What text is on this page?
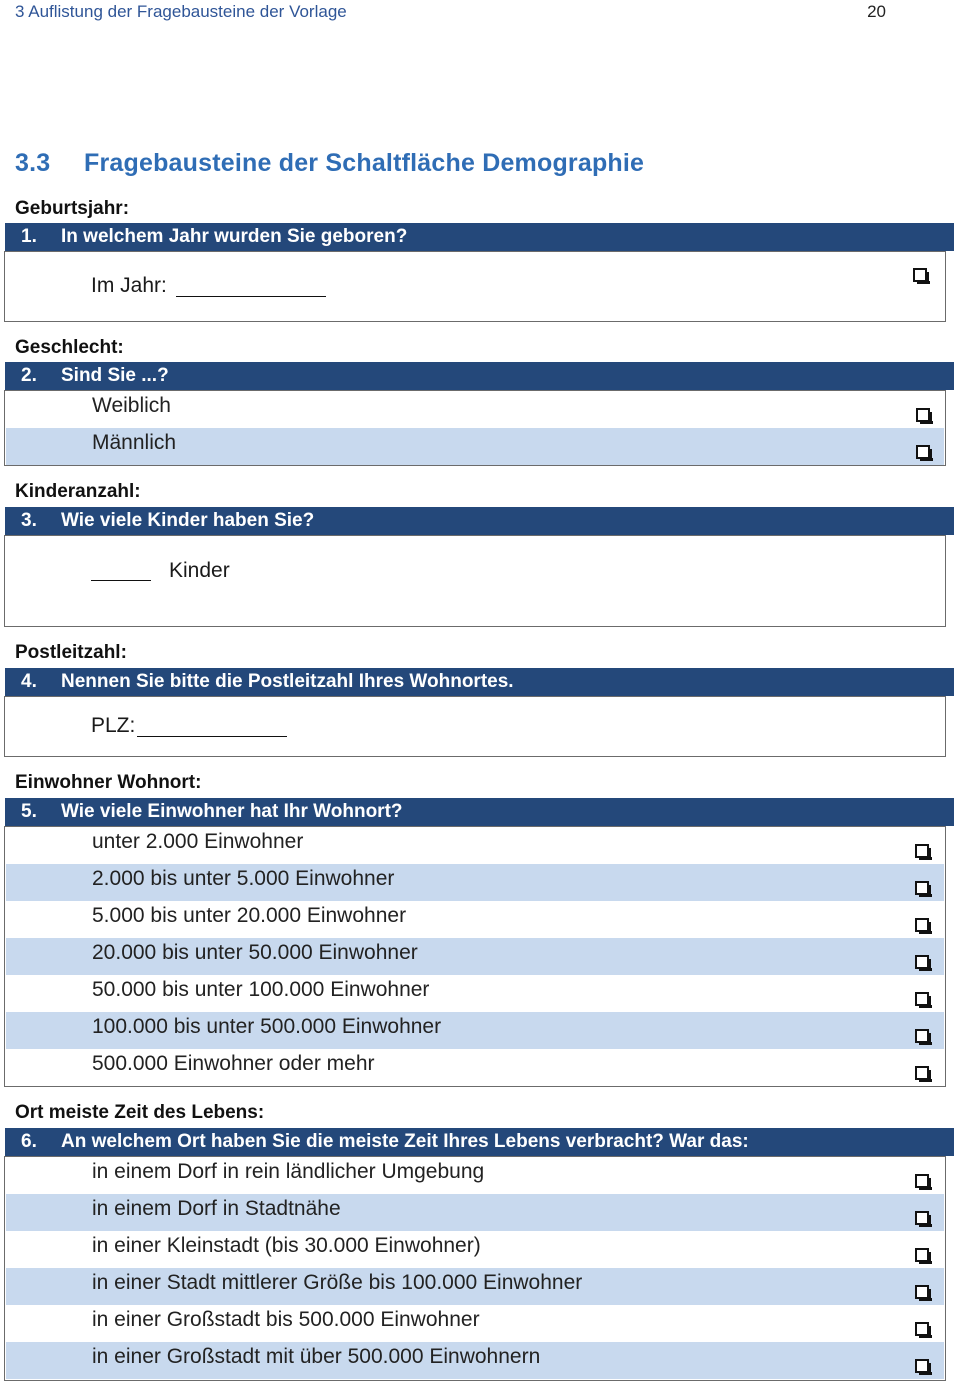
3 Auflistung der Fragebausteine der Vorlage	20
3.3 Fragebausteine der Schaltfläche Demographie
Geburtsjahr:
1. In welchem Jahr wurden Sie geboren?
Im Jahr:
Geschlecht:
2. Sind Sie ...?
Weiblich
Männlich
Kinderanzahl:
3. Wie viele Kinder haben Sie?
Kinder
Postleitzahl:
4. Nennen Sie bitte die Postleitzahl Ihres Wohnortes.
PLZ:
Einwohner Wohnort:
5. Wie viele Einwohner hat Ihr Wohnort?
unter 2.000 Einwohner
2.000 bis unter 5.000 Einwohner
5.000 bis unter 20.000 Einwohner
20.000 bis unter 50.000 Einwohner
50.000 bis unter 100.000 Einwohner
100.000 bis unter 500.000 Einwohner
500.000 Einwohner oder mehr
Ort meiste Zeit des Lebens:
6. An welchem Ort haben Sie die meiste Zeit Ihres Lebens verbracht? War das:
in einem Dorf in rein ländlicher Umgebung
in einem Dorf in Stadtnähe
in einer Kleinstadt (bis 30.000 Einwohner)
in einer Stadt mittlerer Größe bis 100.000 Einwohner
in einer Großstadt bis 500.000 Einwohner
in einer Großstadt mit über 500.000 Einwohnern
